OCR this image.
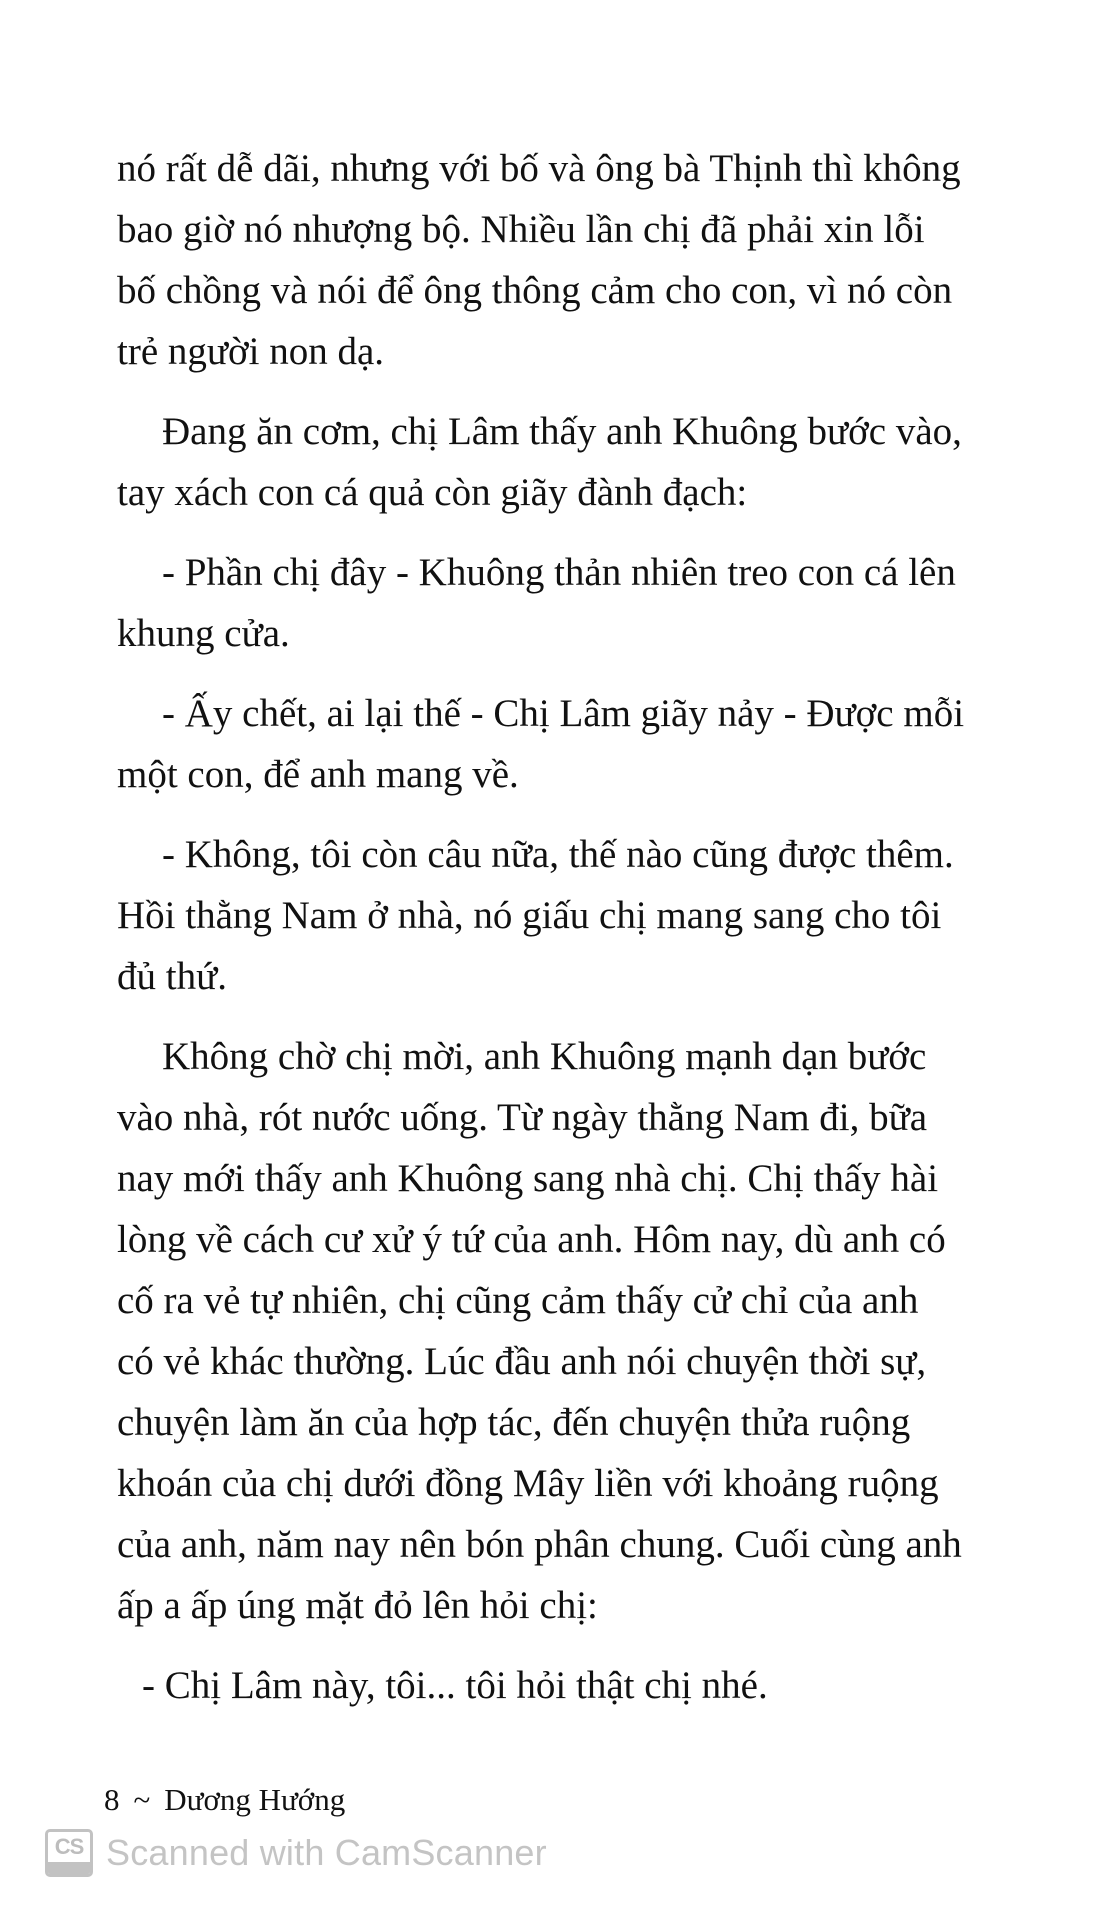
nó rất dễ dãi, nhưng với bố và ông bà Thịnh thì không
bao giờ nó nhượng bộ. Nhiều lần chị đã phải xin lỗi
bố chồng và nói để ông thông cảm cho con, vì nó còn
trẻ người non dạ.

Đang ăn cơm, chị Lâm thấy anh Khuông bước vào,
tay xách con cá quả còn giãy đành đạch:

- Phần chị đây - Khuông thản nhiên treo con cá lên
khung cửa.

- Ấy chết, ai lại thế - Chị Lâm giãy nảy - Được mỗi
một con, để anh mang về.

- Không, tôi còn câu nữa, thế nào cũng được thêm.
Hồi thằng Nam ở nhà, nó giấu chị mang sang cho tôi
đủ thứ.

Không chờ chị mời, anh Khuông mạnh dạn bước
vào nhà, rót nước uống. Từ ngày thằng Nam đi, bữa
nay mới thấy anh Khuông sang nhà chị. Chị thấy hài
lòng về cách cư xử ý tứ của anh. Hôm nay, dù anh có
cố ra vẻ tự nhiên, chị cũng cảm thấy cử chỉ của anh
có vẻ khác thường. Lúc đầu anh nói chuyện thời sự,
chuyện làm ăn của hợp tác, đến chuyện thửa ruộng
khoán của chị dưới đồng Mây liền với khoảng ruộng
của anh, năm nay nên bón phân chung. Cuối cùng anh
ấp a ấp úng mặt đỏ lên hỏi chị:

- Chị Lâm này, tôi... tôi hỏi thật chị nhé.

8 ~ Dương Hướng
CS Scanned with CamScanner
